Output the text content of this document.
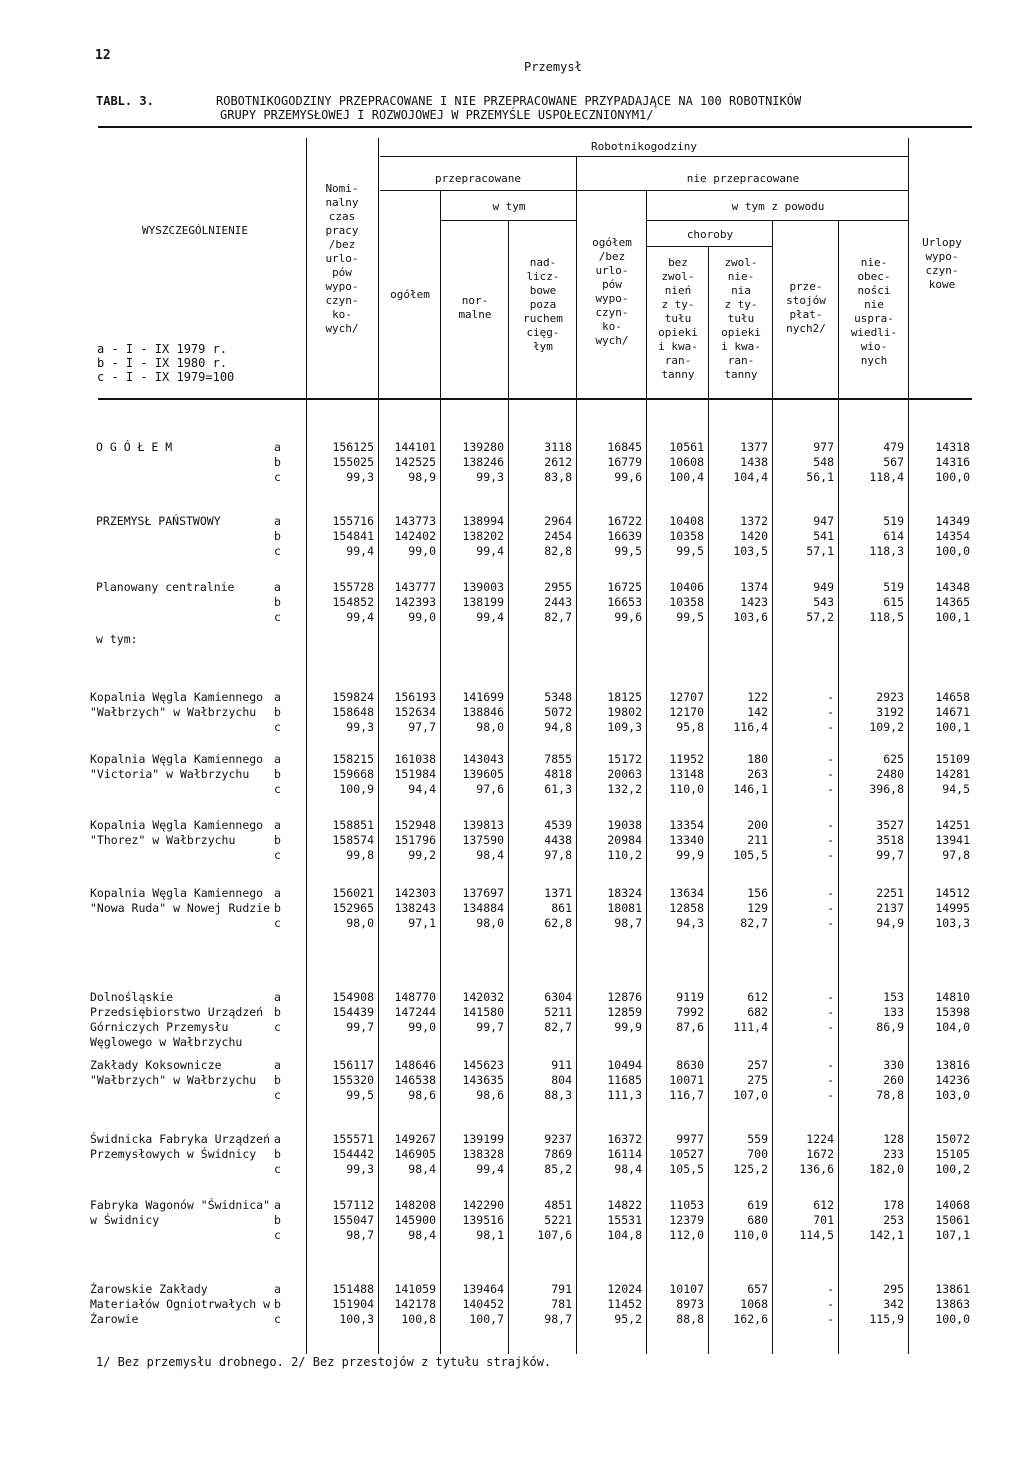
12
Przemysł
TABL. 3.	ROBOTNIKOGODZINY PRZEPRACOWANE I NIE PRZEPRACOWANE PRZYPADAJĄCE NA 100 ROBOTNIKÓW
GRUPY PRZEMYSŁOWEJ I ROZWOJOWEJ W PRZEMYŚLE USPOŁECZNIONYM1/
WYSZCZEGÓLNIENIE
a - I - IX 1979 r.
b - I - IX 1980 r.
c - I - IX 1979=100
Nomi-
nalny
czas
pracy
/bez
urlo-
pów
wypo-
czyn-
ko-
wych/
Robotnikogodziny
przepracowane	nie przepracowane
w tym	w tym z powodu
ogółem	nor-
malne
nad-
licz-
bowe
poza
ruchem
cięg-
łym
ogółem
/bez
urlo-
pów
wypo-
czyn-
ko-
wych/
choroby
bez
zwol-
nień
z ty-
tułu
opieki
i kwa-
ran-
tanny
zwol-
nie-
nia
z ty-
tułu
opieki
i kwa-
ran-
tanny
prze-
stojów
płat-
nych2/
nie-
obec-
ności
nie
uspra-
wiedli-
wio-
nych
Urlopy
wypo-
czyn-
kowe
O G Ó Ł E M	a	156125	144101	139280	3118	16845	10561	1377	977	479	14318
b	155025	142525	138246	2612	16779	10608	1438	548	567	14316
c	99,3	98,9	99,3	83,8	99,6	100,4	104,4	56,1	118,4	100,0
PRZEMYSŁ PAŃSTWOWY	a	155716	143773	138994	2964	16722	10408	1372	947	519	14349
b	154841	142402	138202	2454	16639	10358	1420	541	614	14354
c	99,4	99,0	99,4	82,8	99,5	99,5	103,5	57,1	118,3	100,0
Planowany centralnie
w tym:
a	155728	143777	139003	2955	16725	10406	1374	949	519	14348
b	154852	142393	138199	2443	16653	10358	1423	543	615	14365
c	99,4	99,0	99,4	82,7	99,6	99,5	103,6	57,2	118,5	100,1
Kopalnia Węgla Kamiennego "Wałbrzych" w Wałbrzychu
a	159824	156193	141699	5348	18125	12707	122	-	2923	14658
b	158648	152634	138846	5072	19802	12170	142	-	3192	14671
c	99,3	97,7	98,0	94,8	109,3	95,8	116,4	-	109,2	100,1
Kopalnia Węgla Kamiennego "Victoria" w Wałbrzychu
a	158215	161038	143043	7855	15172	11952	180	-	625	15109
b	159668	151984	139605	4818	20063	13148	263	-	2480	14281
c	100,9	94,4	97,6	61,3	132,2	110,0	146,1	-	396,8	94,5
Kopalnia Węgla Kamiennego "Thorez" w Wałbrzychu
a	158851	152948	139813	4539	19038	13354	200	-	3527	14251
b	158574	151796	137590	4438	20984	13340	211	-	3518	13941
c	99,8	99,2	98,4	97,8	110,2	99,9	105,5	-	99,7	97,8
Kopalnia Węgla Kamiennego "Nowa Ruda" w Nowej Rudzie
a	156021	142303	137697	1371	18324	13634	156	-	2251	14512
b	152965	138243	134884	861	18081	12858	129	-	2137	14995
c	98,0	97,1	98,0	62,8	98,7	94,3	82,7	-	94,9	103,3
Dolnośląskie Przedsiębiorstwo Urządzeń Górniczych Przemysłu Węglowego w Wałbrzychu
a	154908	148770	142032	6304	12876	9119	612	-	153	14810
b	154439	147244	141580	5211	12859	7992	682	-	133	15398
c	99,7	99,0	99,7	82,7	99,9	87,6	111,4	-	86,9	104,0
Zakłady Koksownicze "Wałbrzych" w Wałbrzychu
a	156117	148646	145623	911	10494	8630	257	-	330	13816
b	155320	146538	143635	804	11685	10071	275	-	260	14236
c	99,5	98,6	98,6	88,3	111,3	116,7	107,0	-	78,8	103,0
Świdnicka Fabryka Urządzeń Przemysłowych w Świdnicy
a	155571	149267	139199	9237	16372	9977	559	1224	128	15072
b	154442	146905	138328	7869	16114	10527	700	1672	233	15105
c	99,3	98,4	99,4	85,2	98,4	105,5	125,2	136,6	182,0	100,2
Fabryka Wagonów "Świdnica" w Świdnicy
a	157112	148208	142290	4851	14822	11053	619	612	178	14068
b	155047	145900	139516	5221	15531	12379	680	701	253	15061
c	98,7	98,4	98,1	107,6	104,8	112,0	110,0	114,5	142,1	107,1
Żarowskie Zakłady Materiałów Ogniotrwałych w Żarowie
a	151488	141059	139464	791	12024	10107	657	-	295	13861
b	151904	142178	140452	781	11452	8973	1068	-	342	13863
c	100,3	100,8	100,7	98,7	95,2	88,8	162,6	-	115,9	100,0
1/ Bez przemysłu drobnego. 2/ Bez przestojów z tytułu strajków.
